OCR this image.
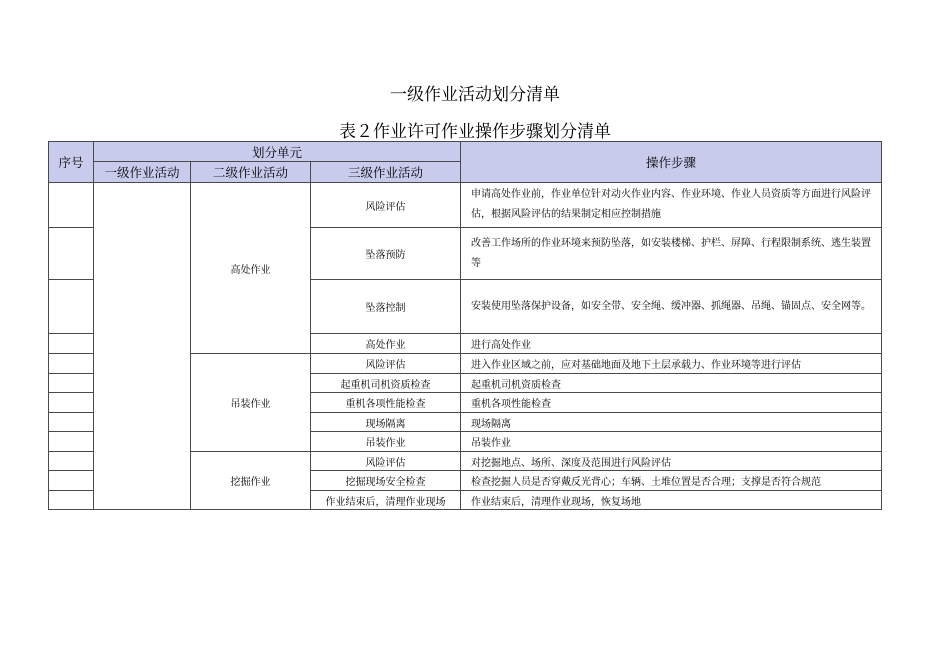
一级作业活动划分清单
表２作业许可作业操作步骤划分清单
序号	划分单元			操作步骤
	一级作业活动	二级作业活动	三级作业活动	
		高处作业	风险评估	申请高处作业前，作业单位针对动火作业内容、作业环境、作业人员资质等方面进行风险评估，根据风险评估的结果制定相应控制措施
			坠落预防	改善工作场所的作业环境来预防坠落，如安装楼梯、护栏、屏障、行程限制系统、逃生装置等
			坠落控制	安装使用坠落保护设备，如安全带、安全绳、缓冲器、抓绳器、吊绳、锚固点、安全网等。
			高处作业	进行高处作业
		吊装作业	风险评估	进入作业区域之前，应对基础地面及地下土层承载力、作业环境等进行评估
			起重机司机资质检查	起重机司机资质检查
			重机各项性能检查	重机各项性能检查
			现场隔离	现场隔离
			吊装作业	吊装作业
		挖掘作业	风险评估	对挖掘地点、场所、深度及范围进行风险评估
			挖掘现场安全检查	检查挖掘人员是否穿戴反光背心；车辆、土堆位置是否合理；支撑是否符合规范
			作业结束后，清理作业现场	作业结束后，清理作业现场，恢复场地
